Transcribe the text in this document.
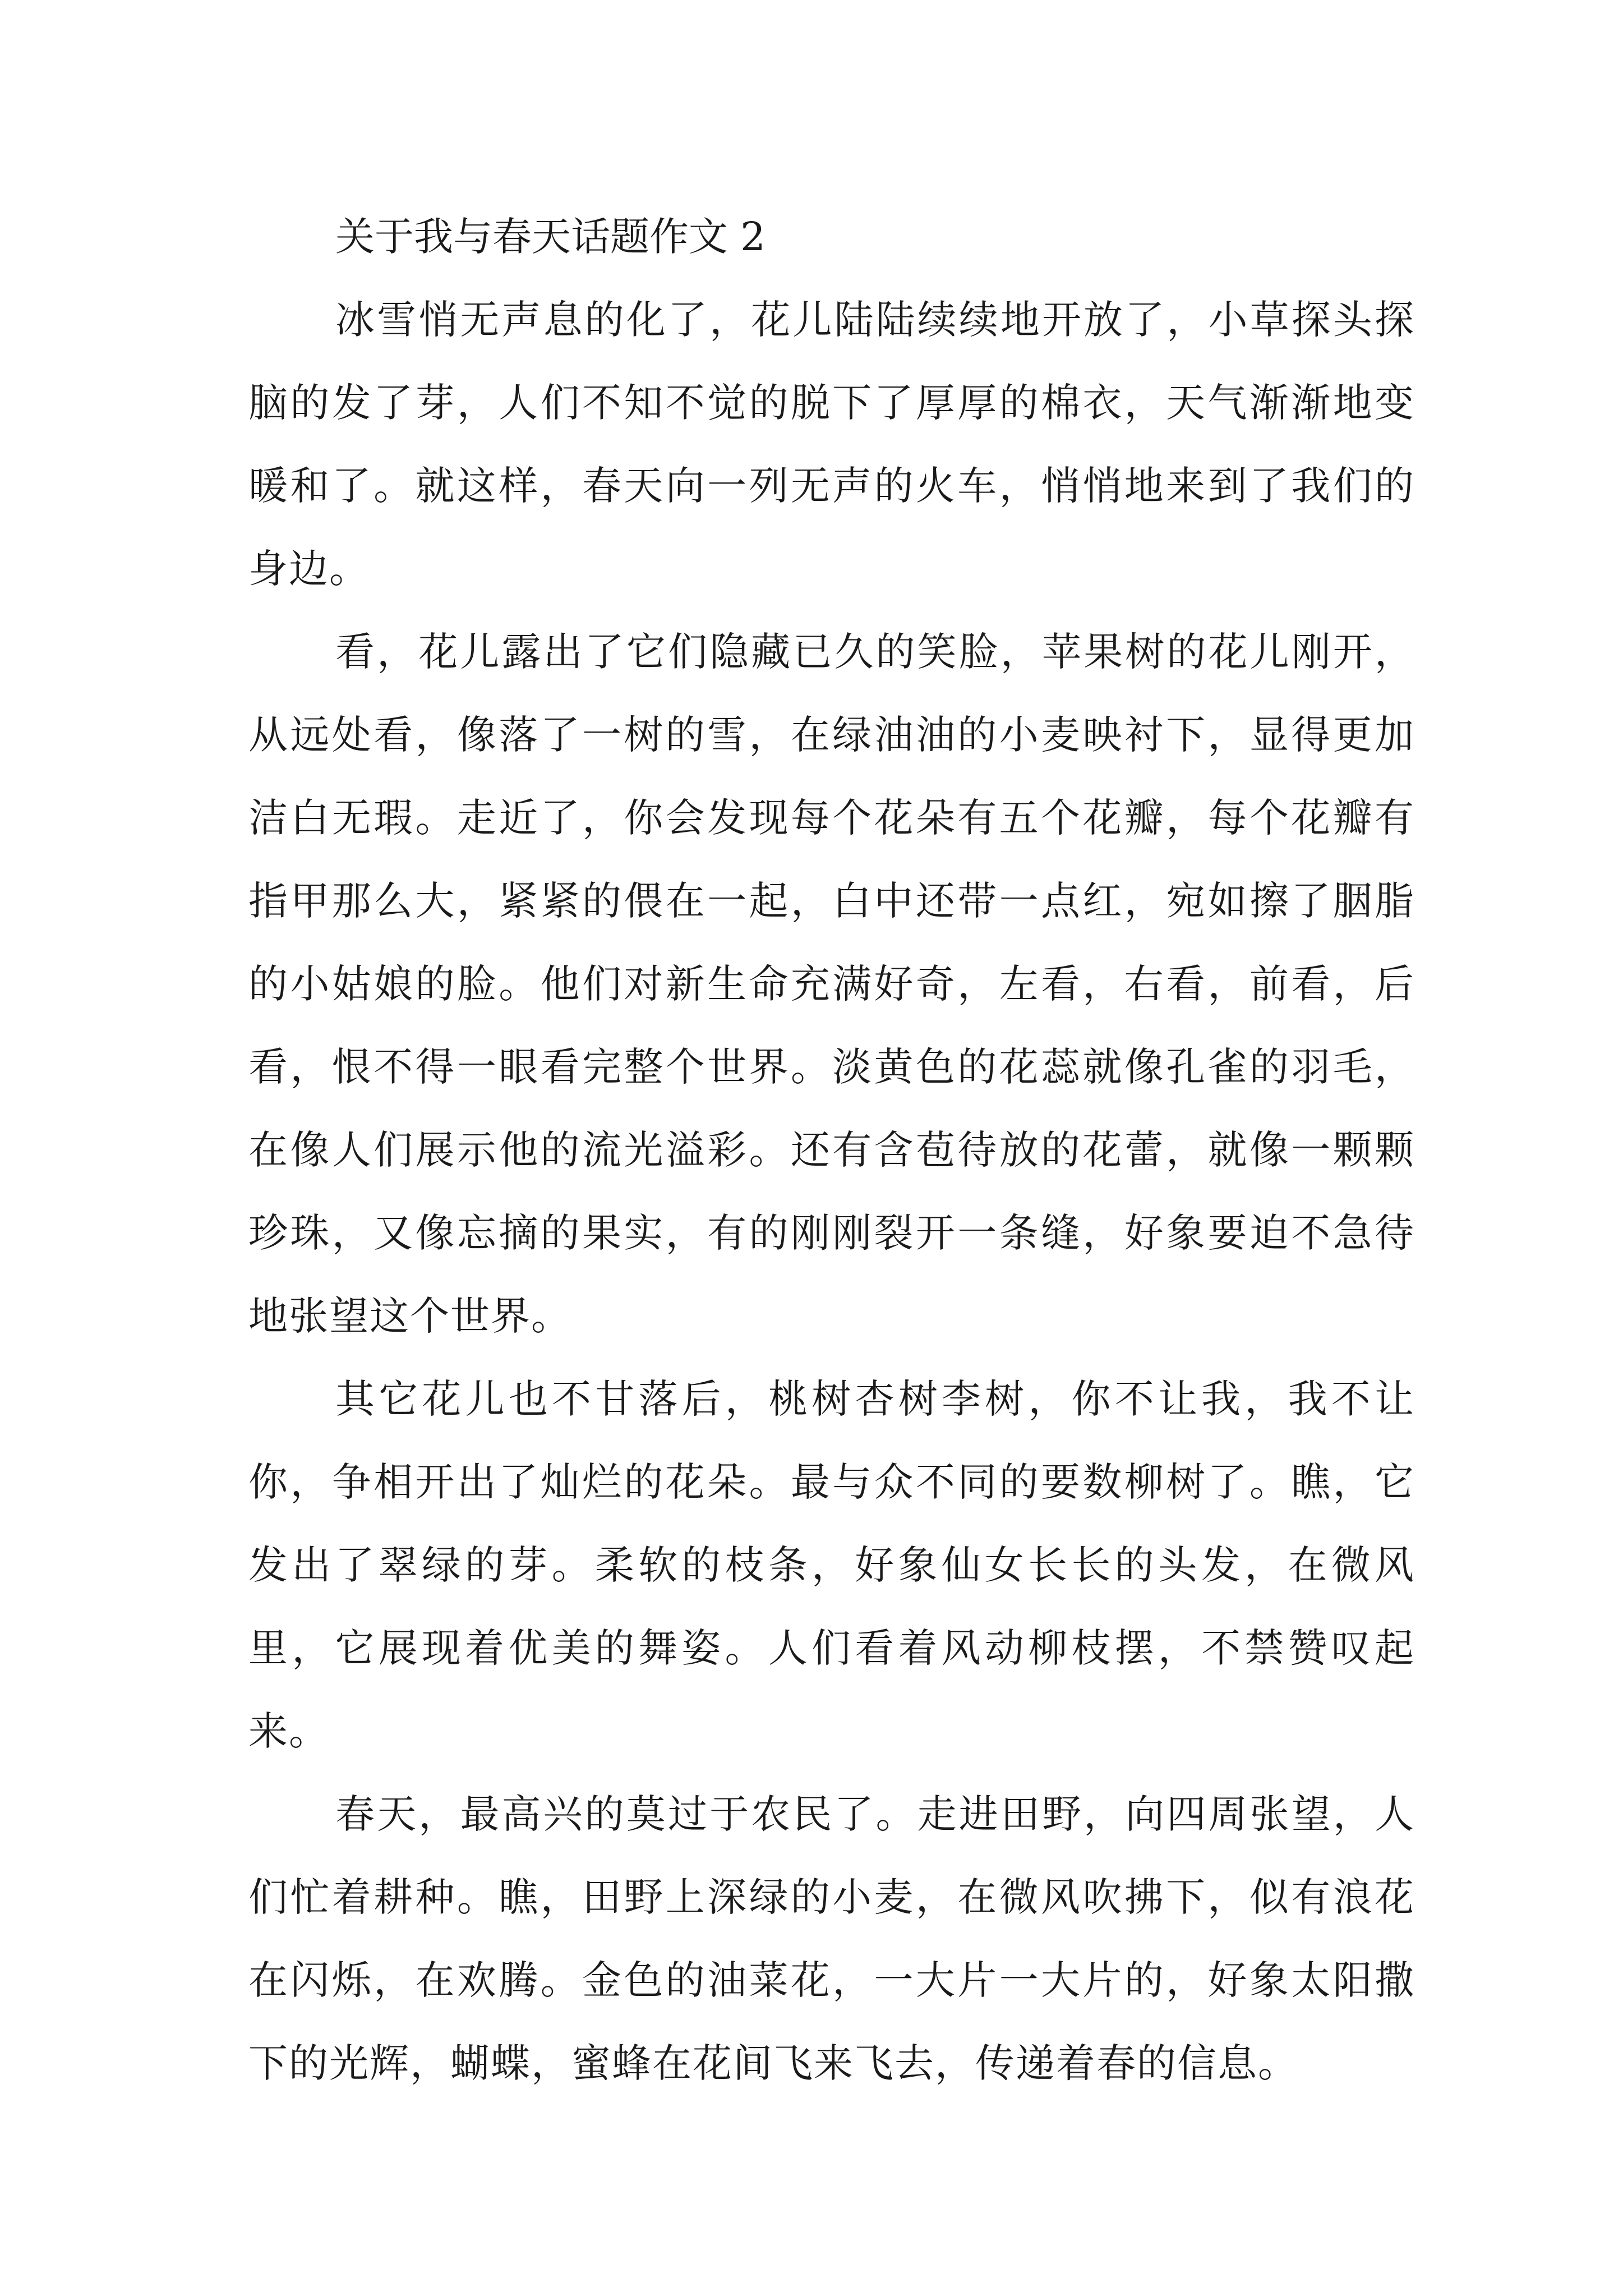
关于我与春天话题作文 2

冰雪悄无声息的化了，花儿陆陆续续地开放了，小草探头探脑的发了芽，人们不知不觉的脱下了厚厚的棉衣，天气渐渐地变暖和了。就这样，春天向一列无声的火车，悄悄地来到了我们的身边。

看，花儿露出了它们隐藏已久的笑脸，苹果树的花儿刚开，从远处看，像落了一树的雪，在绿油油的小麦映衬下，显得更加洁白无瑕。走近了，你会发现每个花朵有五个花瓣，每个花瓣有指甲那么大，紧紧的偎在一起，白中还带一点红，宛如擦了胭脂的小姑娘的脸。他们对新生命充满好奇，左看，右看，前看，后看，恨不得一眼看完整个世界。淡黄色的花蕊就像孔雀的羽毛，在像人们展示他的流光溢彩。还有含苞待放的花蕾，就像一颗颗珍珠，又像忘摘的果实，有的刚刚裂开一条缝，好象要迫不急待地张望这个世界。

其它花儿也不甘落后，桃树杏树李树，你不让我，我不让你，争相开出了灿烂的花朵。最与众不同的要数柳树了。瞧，它发出了翠绿的芽。柔软的枝条，好象仙女长长的头发，在微风里，它展现着优美的舞姿。人们看着风动柳枝摆，不禁赞叹起来。

春天，最高兴的莫过于农民了。走进田野，向四周张望，人们忙着耕种。瞧，田野上深绿的小麦，在微风吹拂下，似有浪花在闪烁，在欢腾。金色的油菜花，一大片一大片的，好象太阳撒下的光辉，蝴蝶，蜜蜂在花间飞来飞去，传递着春的信息。
